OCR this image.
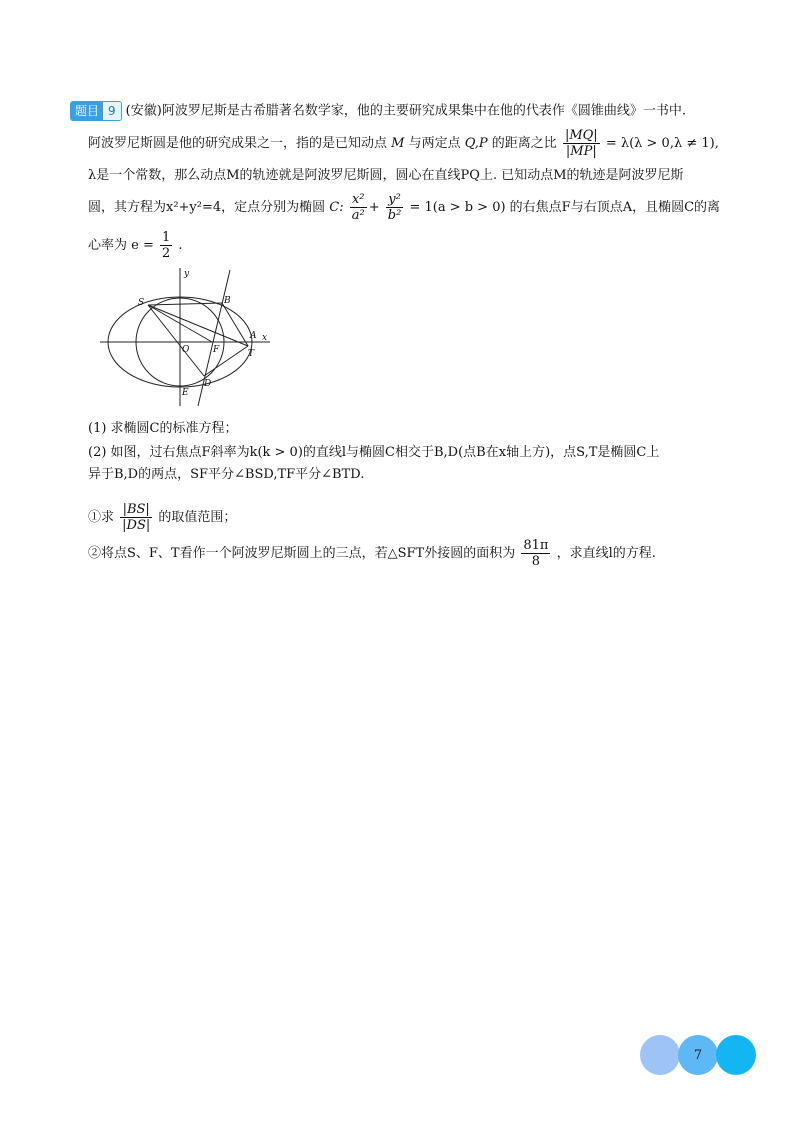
题目 9 (安徽)阿波罗尼斯是古希腊著名数学家，他的主要研究成果集中在他的代表作《圆锥曲线》一书中.
阿波罗尼斯圆是他的研究成果之一，指的是已知动点 M 与两定点 Q,P 的距离之比 $\frac{|MQ|}{|MP|} = \lambda(\lambda > 0,\lambda \ne 1)$,
λ是一个常数，那么动点M的轨迹就是阿波罗尼斯圆，圆心在直线PQ上. 已知动点M的轨迹是阿波罗尼斯
圆，其方程为x²+y²=4，定点分别为椭圆 C: $\frac{\text{x²}}{\text{a²}} + \frac{\text{y²}}{\text{b²}} = 1(a > b > 0)$ 的右焦点F与右顶点A，且椭圆C的离
心率为 $e = \frac{1}{2}$ .
y
x
S	B
A
O	F	T
D
E
(1) 求椭圆C的标准方程；
(2) 如图，过右焦点F斜率为k(k > 0)的直线l与椭圆C相交于B,D(点B在x轴上方)，点S,T是椭圆C上
异于B,D的两点，SF平分∠BSD,TF平分∠BTD.
①求 $\frac{|BS|}{|DS|}$ 的取值范围；
②将点S、F、T看作一个阿波罗尼斯圆上的三点，若△SFT外接圆的面积为 $\frac{81\pi}{8}$ ，求直线l的方程.
7
